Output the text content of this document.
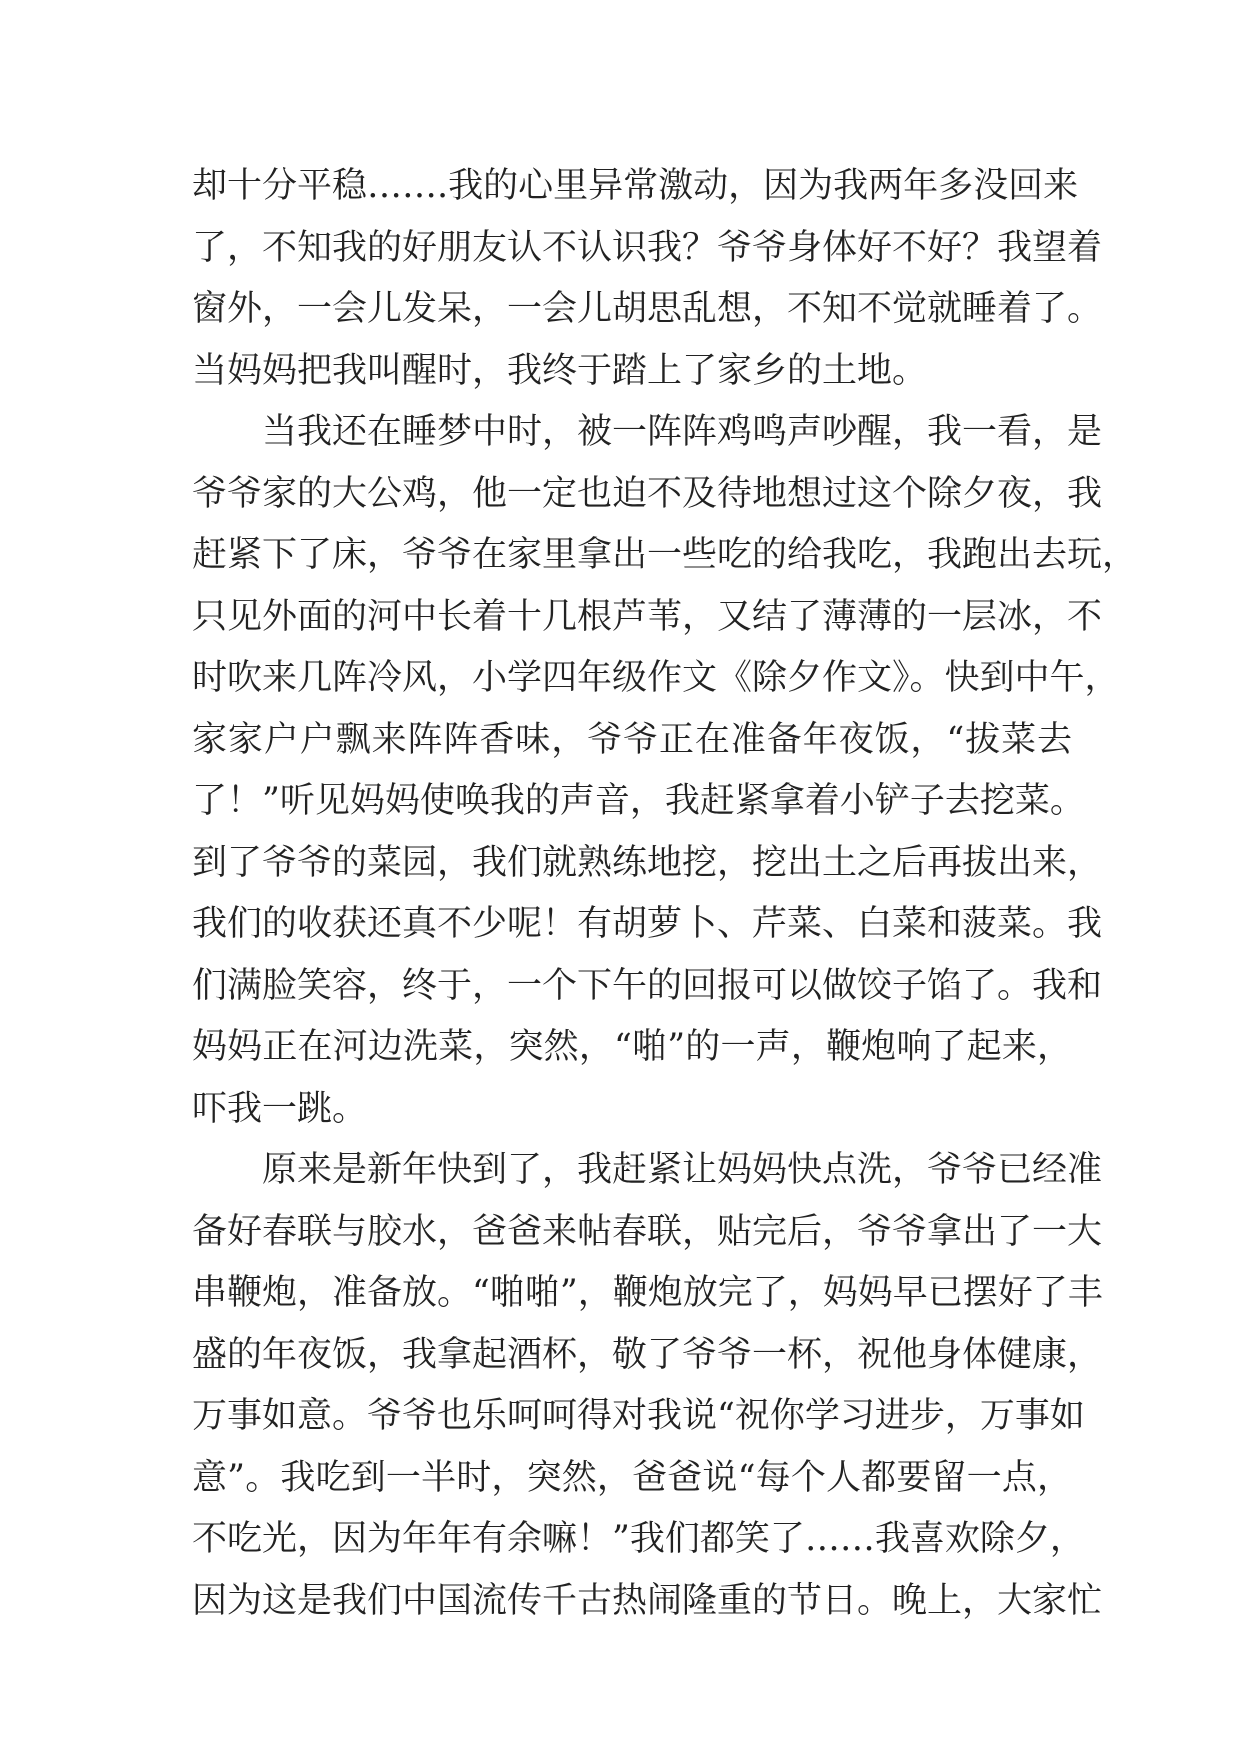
却十分平稳…….我的心里异常激动，因为我两年多没回来
了，不知我的好朋友认不认识我？爷爷身体好不好？我望着
窗外，一会儿发呆，一会儿胡思乱想，不知不觉就睡着了。
当妈妈把我叫醒时，我终于踏上了家乡的土地。
当我还在睡梦中时，被一阵阵鸡鸣声吵醒，我一看，是
爷爷家的大公鸡，他一定也迫不及待地想过这个除夕夜，我
赶紧下了床，爷爷在家里拿出一些吃的给我吃，我跑出去玩，
只见外面的河中长着十几根芦苇，又结了薄薄的一层冰，不
时吹来几阵冷风，小学四年级作文《除夕作文》。快到中午，
家家户户飘来阵阵香味，爷爷正在准备年夜饭，“拔菜去
了！”听见妈妈使唤我的声音，我赶紧拿着小铲子去挖菜。
到了爷爷的菜园，我们就熟练地挖，挖出土之后再拔出来，
我们的收获还真不少呢！有胡萝卜、芹菜、白菜和菠菜。我
们满脸笑容，终于，一个下午的回报可以做饺子馅了。我和
妈妈正在河边洗菜，突然，“啪”的一声，鞭炮响了起来，
吓我一跳。
原来是新年快到了，我赶紧让妈妈快点洗，爷爷已经准
备好春联与胶水，爸爸来帖春联，贴完后，爷爷拿出了一大
串鞭炮，准备放。“啪啪”，鞭炮放完了，妈妈早已摆好了丰
盛的年夜饭，我拿起酒杯，敬了爷爷一杯，祝他身体健康，
万事如意。爷爷也乐呵呵得对我说“祝你学习进步，万事如
意”。我吃到一半时，突然，爸爸说“每个人都要留一点，
不吃光，因为年年有余嘛！”我们都笑了……我喜欢除夕，
因为这是我们中国流传千古热闹隆重的节日。晚上，大家忙
